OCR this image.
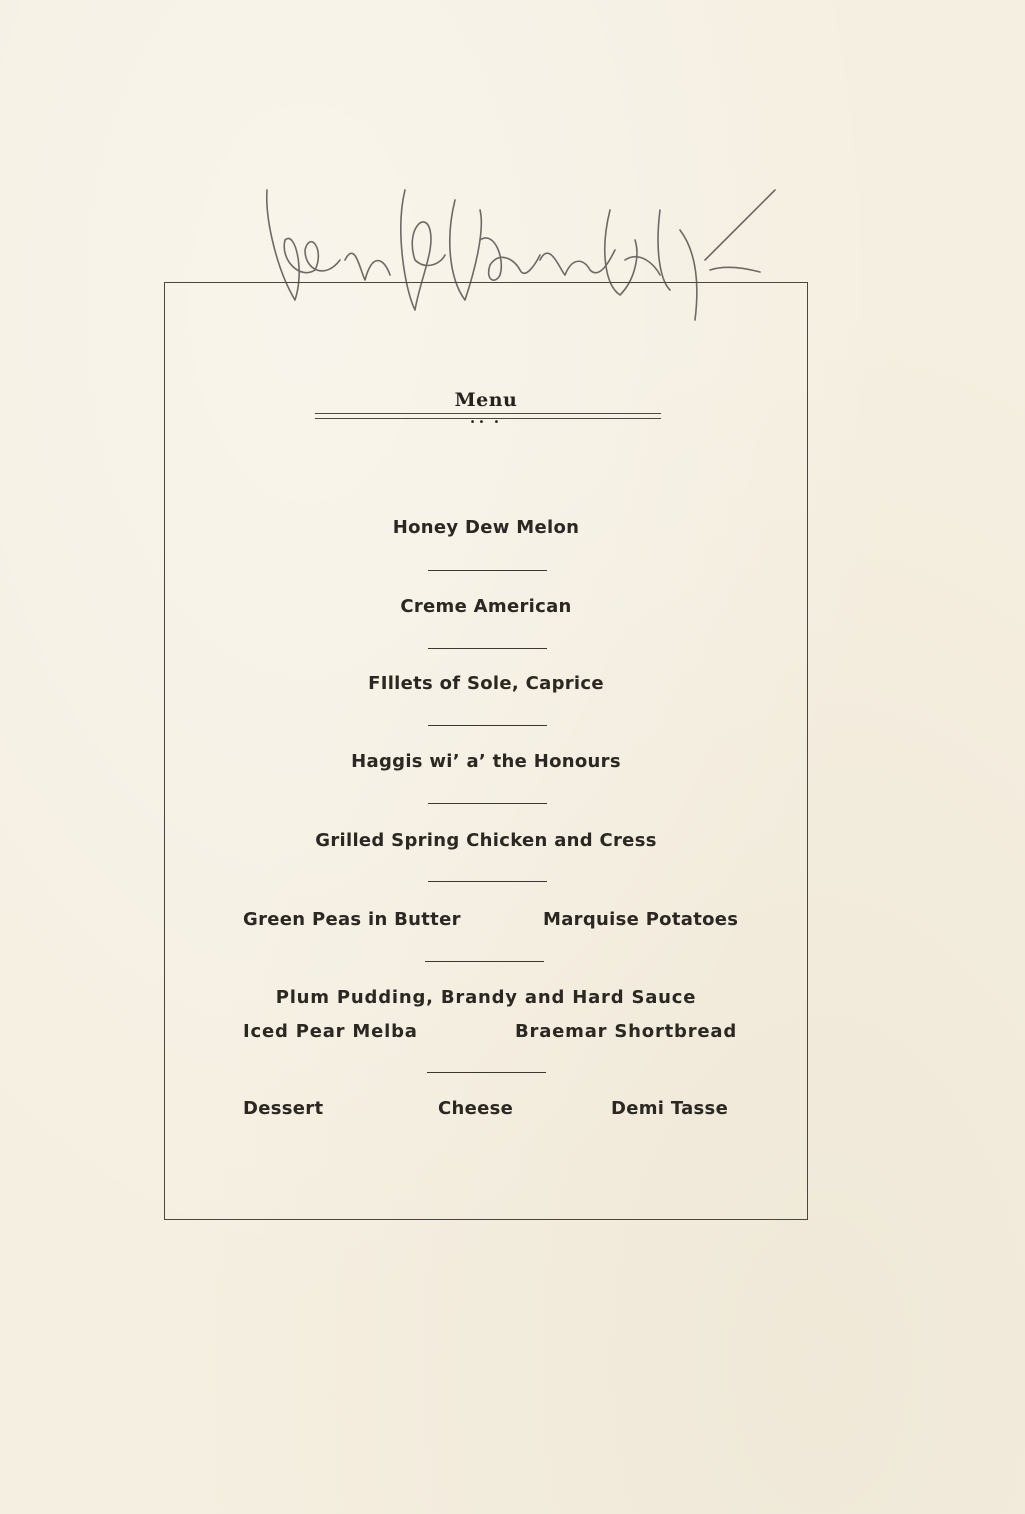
Menu
•• •
Honey Dew Melon
Creme American
FIllets of Sole, Caprice
Haggis wi’ a’ the Honours
Grilled Spring Chicken and Cress
Green Peas in Butter	Marquise Potatoes
Plum Pudding, Brandy and Hard Sauce
Iced Pear Melba	Braemar Shortbread
Dessert	Cheese	Demi Tasse
